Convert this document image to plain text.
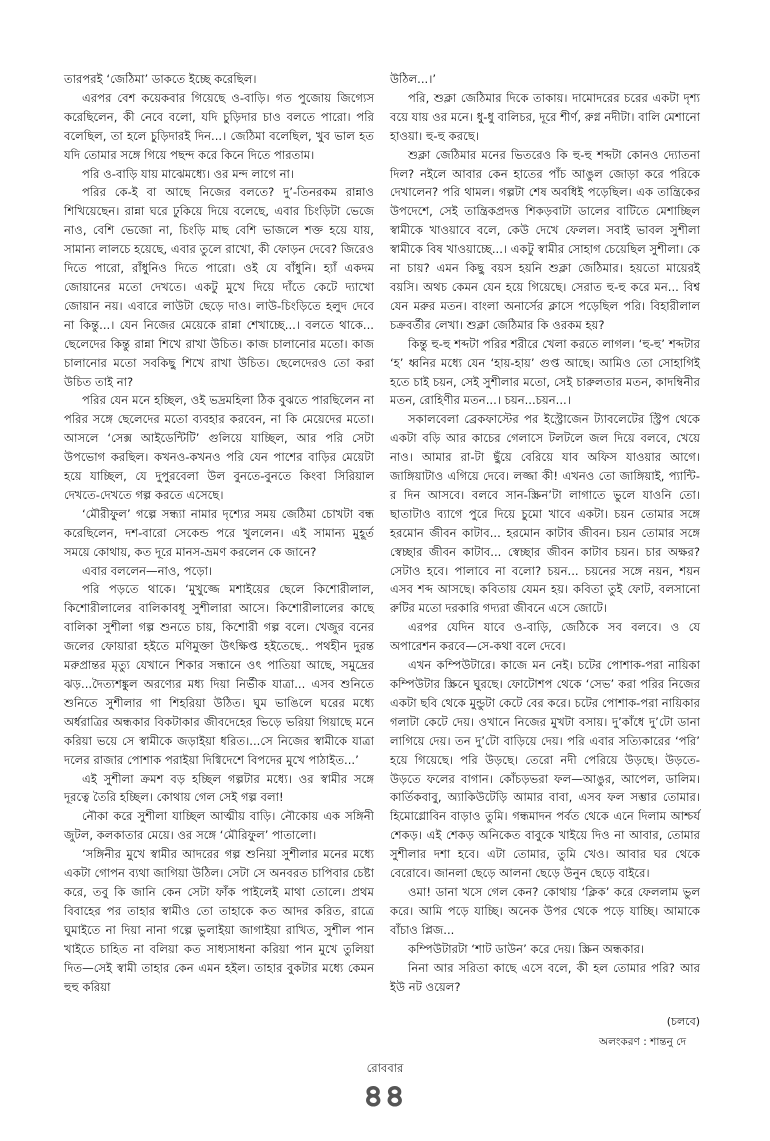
তারপরই ‘জেঠিমা’ ডাকতে ইচ্ছে করেছিল।

এরপর বেশ কয়েকবার গিয়েছে ও-বাড়ি। গত পুজোয় জিগ্যেস করেছিলেন, কী নেবে বলো, যদি চুড়িদার চাও বলতে পারো। পরি বলেছিল, তা হলে চুড়িদারই দিন...। জেঠিমা বলেছিল, খুব ভাল হত যদি তোমার সঙ্গে গিয়ে পছন্দ করে কিনে দিতে পারতাম।

পরি ও-বাড়ি যায় মাঝেমধ্যে। ওর মন্দ লাগে না।

পরির কে-ই বা আছে নিজের বলতে? দু’-তিনরকম রান্নাও শিখিয়েছেন। রান্না ঘরে ঢুকিয়ে দিয়ে বলেছে, এবার চিংড়িটা ভেজে নাও, বেশি ভেজো না, চিংড়ি মাছ বেশি ভাজলে শক্ত হয়ে যায়, সামান্য লালচে হয়েছে, এবার তুলে রাখো, কী ফোড়ন দেবে? জিরেও দিতে পারো, রাঁধুনিও দিতে পারো। ওই যে বাঁধুনি। হ্যাঁ একদম জোয়ানের মতো দেখতে। একটু মুখে দিয়ে দাঁতে কেটে দ্যাখো জোয়ান নয়। এবারে লাউটা ছেড়ে দাও। লাউ-চিংড়িতে হলুদ দেবে না কিন্তু...। যেন নিজের মেয়েকে রান্না শেখাচ্ছে...। বলতে থাকে... ছেলেদের কিন্তু রান্না শিখে রাখা উচিত। কাজ চালানোর মতো। কাজ চালানোর মতো সবকিছু শিখে রাখা উচিত। ছেলেদেরও তো করা উচিত তাই না?

পরির যেন মনে হচ্ছিল, ওই ভদ্রমহিলা ঠিক বুঝতে পারছিলেন না পরির সঙ্গে ছেলেদের মতো ব্যবহার করবেন, না কি মেয়েদের মতো। আসলে ‘সেক্স আইডেন্টিটি’ গুলিয়ে যাচ্ছিল, আর পরি সেটা উপভোগ করছিল। কখনও-কখনও পরি যেন পাশের বাড়ির মেয়েটা হয়ে যাচ্ছিল, যে দুপুরবেলা উল বুনতে-বুনতে কিংবা সিরিয়াল দেখতে-দেখতে গল্প করতে এসেছে।

‘মৌরীফুল’ গল্পে সন্ধ্যা নামার দৃশ্যের সময় জেঠিমা চোখটা বন্ধ করেছিলেন, দশ-বারো সেকেন্ড পরে খুললেন। এই সামান্য মুহূর্ত সময়ে কোথায়, কত দূরে মানস-ভ্রমণ করলেন কে জানে?

এবার বললেন—নাও, পড়ো।

পরি পড়তে থাকে। ‘মুখুজ্জে মশাইয়ের ছেলে কিশোরীলাল, কিশোরীলালের বালিকাবধূ সুশীলারা আসে। কিশোরীলালের কাছে বালিকা সুশীলা গল্প শুনতে চায়, কিশোরী গল্প বলে। খেজুর বনের জলের ফোয়ারা হইতে মণিমুক্তা উৎক্ষিপ্ত হইতেছে.. পথহীন দুরন্ত মরুপ্রান্তর মৃত্যু যেখানে শিকার সন্ধানে ওৎ পাতিয়া আছে, সমুদ্রের ঝড়...দৈত্যশঙ্কুল অরণ্যের মধ্য দিয়া নির্ভীক যাত্রা... এসব শুনিতে শুনিতে সুশীলার গা শিহরিয়া উঠিত। ঘুম ভাঙিলে ঘরের মধ্যে অর্ধরাত্রির অন্ধকার বিকটাকার জীবদেহের ভিড়ে ভরিয়া গিয়াছে মনে করিয়া ভয়ে সে স্বামীকে জড়াইয়া ধরিত।...সে নিজের স্বামীকে যাত্রা দলের রাজার পোশাক পরাইয়া দিগ্বিদেশে বিপদের মুখে পাঠাইত...’

এই সুশীলা ক্রমশ বড় হচ্ছিল গল্পটার মধ্যে। ওর স্বামীর সঙ্গে দূরত্বে তৈরি হচ্ছিল। কোথায় গেল সেই গল্প বলা!

নৌকা করে সুশীলা যাচ্ছিল আত্মীয় বাড়ি। নৌকোয় এক সঙ্গিনী জুটল, কলকাতার মেয়ে। ওর সঙ্গে ‘মৌরিফুল’ পাতালো।

‘সঙ্গিনীর মুখে স্বামীর আদরের গল্প শুনিয়া সুশীলার মনের মধ্যে একটা গোপন ব্যথা জাগিয়া উঠিল। সেটা সে অনবরত চাপিবার চেষ্টা করে, তবু কি জানি কেন সেটা ফাঁক পাইলেই মাথা তোলে। প্রথম বিবাহের পর তাহার স্বামীও তো তাহাকে কত আদর করিত, রাত্রে ঘুমাইতে না দিয়া নানা গল্পে ভুলাইয়া জাগাইয়া রাখিত, সুশীল পান খাইতে চাহিত না বলিয়া কত সাধ্যসাধনা করিয়া পান মুখে তুলিয়া দিত—সেই স্বামী তাহার কেন এমন হইল। তাহার বুকটার মধ্যে কেমন হুহু করিয়া

উঠিল...।’

পরি, শুক্লা জেঠিমার দিকে তাকায়। দামোদরের চরের একটা দৃশ্য বয়ে যায় ওর মনে। ধু-ধু বালিচর, দূরে শীর্ণ, রুগ্ন নদীটা। বালি মেশানো হাওয়া। হু-হু করছে।

শুক্লা জেঠিমার মনের ভিতরেও কি হু-হু শব্দটা কোনও দ্যোতনা দিল? নইলে আবার কেন হাতের পাঁচ আঙুল জোড়া করে পরিকে দেখালেন? পরি থামল। গল্পটা শেষ অবধিই পড়েছিল। এক তান্ত্রিকের উপদেশে, সেই তান্ত্রিকপ্রদত্ত শিকড়বাটা ডালের বাটিতে মেশাচ্ছিল স্বামীকে খাওয়াবে বলে, কেউ দেখে ফেলল। সবাই ভাবল সুশীলা স্বামীকে বিষ খাওয়াচ্ছে...। একটু স্বামীর সোহাগ চেয়েছিল সুশীলা। কে না চায়? এমন কিছু বয়স হয়নি শুক্লা জেঠিমার। হয়তো মায়েরই বয়সি। অথচ কেমন যেন হয়ে গিয়েছে। সেরাত হু-হু করে মন... বিশ্ব যেন মরুর মতন। বাংলা অনার্সের ক্লাসে পড়েছিল পরি। বিহারীলাল চক্রবর্তীর লেখা। শুক্লা জেঠিমার কি ওরকম হয়?

কিন্তু হু-হু শব্দটা পরির শরীরে খেলা করতে লাগল। ‘হু-হু’ শব্দটার ‘হ’ ধ্বনির মধ্যে যেন ‘হায়-হায়’ গুপ্ত আছে। আমিও তো সোহাগিই হতে চাই চয়ন, সেই সুশীলার মতো, সেই চারুলতার মতন, কাদম্বিনীর মতন, রোহিণীর মতন...। চয়ন...চয়ন...।

সকালবেলা ব্রেকফাস্টের পর ইস্ট্রোজেন ট্যাবলেটের স্ট্রিপ থেকে একটা বড়ি আর কাচের গেলাসে টলটলে জল দিয়ে বলবে, খেয়ে নাও। আমার রা-টা ছুঁয়ে বেরিয়ে যাব অফিস যাওয়ার আগে। জাঙ্গিয়াটাও এগিয়ে দেবে। লজ্জা কী! এখনও তো জাঙ্গিয়াই, প্যান্টি-র দিন আসবে। বলবে সান-স্ক্রিন’টা লাগাতে ভুলে যাওনি তো। ছাতাটাও ব্যাগে পুরে দিয়ে চুমো খাবে একটা। চয়ন তোমার সঙ্গে হরমোন জীবন কাটাব... হরমোন কাটাব জীবন। চয়ন তোমার সঙ্গে স্বেচ্ছার জীবন কাটাব... স্বেচ্ছার জীবন কাটাব চয়ন। চার অক্ষর? সেটাও হবে। পালাবে না বলো? চয়ন... চয়নের সঙ্গে নয়ন, শয়ন এসব শব্দ আসছে। কবিতায় যেমন হয়। কবিতা তুই ফোট, বলসানো রুটির মতো দরকারি গদ্যরা জীবনে এসে জোটে।

এরপর যেদিন যাবে ও-বাড়ি, জেঠিকে সব বলবে। ও যে অপারেশন করবে—সে-কথা বলে দেবে।

এখন কম্পিউটারে। কাজে মন নেই। চটের পোশাক-পরা নায়িকা কম্পিউটার স্ক্রিনে ঘুরছে। ফোটোশপ থেকে ‘সেভ’ করা পরির নিজের একটা ছবি থেকে মুন্ডুটা কেটে বের করে। চটের পোশাক-পরা নায়িকার গলাটা কেটে দেয়। ওখানে নিজের মুখটা বসায়। দু’কাঁধে দু’টো ডানা লাগিয়ে দেয়। তন দু’টো বাড়িয়ে দেয়। পরি এবার সত্যিকারের ‘পরি’ হয়ে গিয়েছে। পরি উড়ছে। তেরো নদী পেরিয়ে উড়ছে। উড়তে-উড়তে ফলের বাগান। কোঁচড়ভরা ফল—আঙুর, আপেল, ডালিম। কার্তিকবাবু, অ্যাকিউটেড়ি আমার বাবা, এসব ফল সম্ভার তোমার। হিমোগ্লোবিন বাড়াও তুমি। গন্ধমাদন পর্বত থেকে এনে দিলাম আশ্চর্য শেকড়। এই শেকড় অনিকেত বাবুকে খাইয়ে দিও না আবার, তোমার সুশীলার দশা হবে। এটা তোমার, তুমি খেও। আবার ঘর থেকে বেরোবে। জানলা ছেড়ে আলনা ছেড়ে উনুন ছেড়ে বাইরে।

ওমা! ডানা খসে গেল কেন? কোথায় ‘ক্লিক’ করে ফেললাম ভুল করে। আমি পড়ে যাচ্ছি। অনেক উপর থেকে পড়ে যাচ্ছি। আমাকে বাঁচাও প্লিজ...

কম্পিউটারটা ‘শাট ডাউন’ করে দেয়। স্ক্রিন অন্ধকার।

নিনা আর সরিতা কাছে এসে বলে, কী হল তোমার পরি? আর ইউ নট ওয়েল?

(চলবে)
অলংকরণ : শান্তনু দে
রোববার
৪৪
